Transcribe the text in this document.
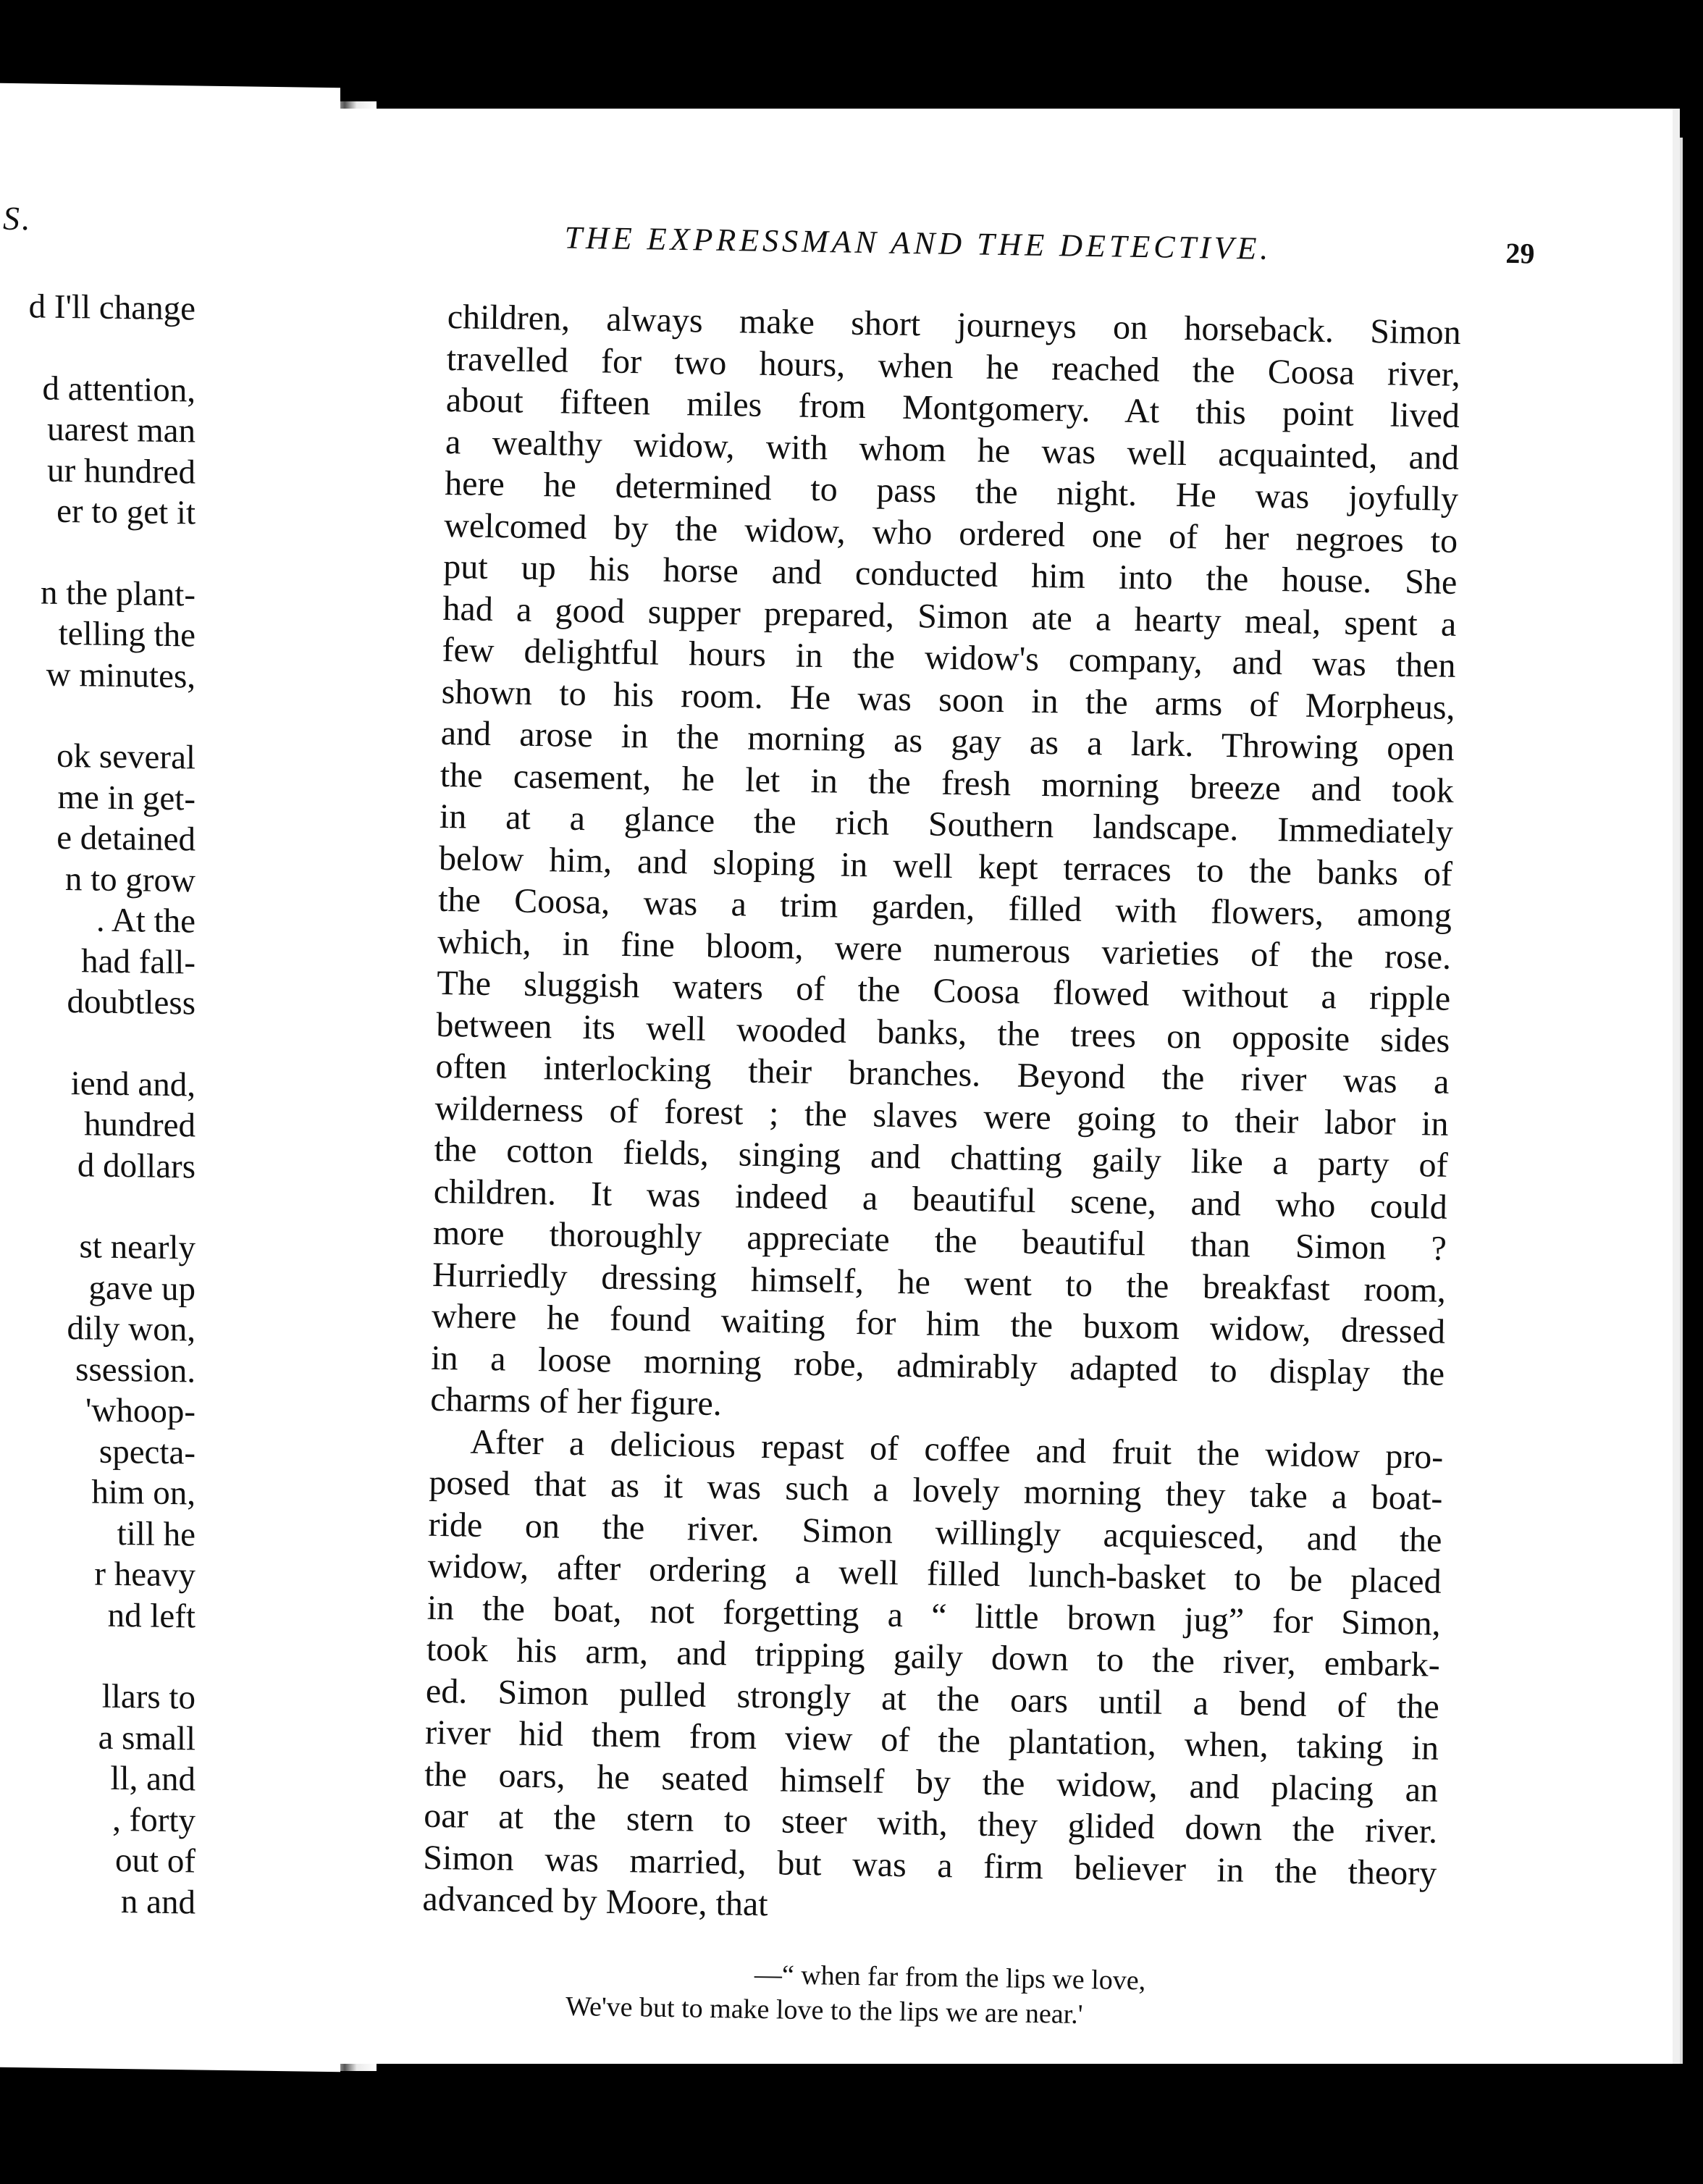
S.
d I'll change
d attention,
uarest man
ur hundred
er to get it
n the plant-
telling the
w minutes,
ok several
me in get-
e detained
n to grow
. At the
had fall-
doubtless
iend and,
hundred
d dollars
st nearly
gave up
dily won,
ssession.
'whoop-
specta-
him on,
till he
r heavy
nd left
llars to
a small
ll, and
, forty
out of
n and
THE EXPRESSMAN AND THE DETECTIVE.	29
children, always make short journeys on horseback. Simon
travelled for two hours, when he reached the Coosa river,
about fifteen miles from Montgomery. At this point lived
a wealthy widow, with whom he was well acquainted, and
here he determined to pass the night. He was joyfully
welcomed by the widow, who ordered one of her negroes to
put up his horse and conducted him into the house. She
had a good supper prepared, Simon ate a hearty meal, spent a
few delightful hours in the widow's company, and was then
shown to his room. He was soon in the arms of Morpheus,
and arose in the morning as gay as a lark. Throwing open
the casement, he let in the fresh morning breeze and took
in at a glance the rich Southern landscape. Immediately
below him, and sloping in well kept terraces to the banks of
the Coosa, was a trim garden, filled with flowers, among
which, in fine bloom, were numerous varieties of the rose.
The sluggish waters of the Coosa flowed without a ripple
between its well wooded banks, the trees on opposite sides
often interlocking their branches. Beyond the river was a
wilderness of forest ; the slaves were going to their labor in
the cotton fields, singing and chatting gaily like a party of
children. It was indeed a beautiful scene, and who could
more thoroughly appreciate the beautiful than Simon ?
Hurriedly dressing himself, he went to the breakfast room,
where he found waiting for him the buxom widow, dressed
in a loose morning robe, admirably adapted to display the
charms of her figure.
After a delicious repast of coffee and fruit the widow pro-
posed that as it was such a lovely morning they take a boat-
ride on the river. Simon willingly acquiesced, and the
widow, after ordering a well filled lunch-basket to be placed
in the boat, not forgetting a “ little brown jug” for Simon,
took his arm, and tripping gaily down to the river, embark-
ed. Simon pulled strongly at the oars until a bend of the
river hid them from view of the plantation, when, taking in
the oars, he seated himself by the widow, and placing an
oar at the stern to steer with, they glided down the river.
Simon was married, but was a firm believer in the theory
advanced by Moore, that
—“ when far from the lips we love,
We've but to make love to the lips we are near.'
